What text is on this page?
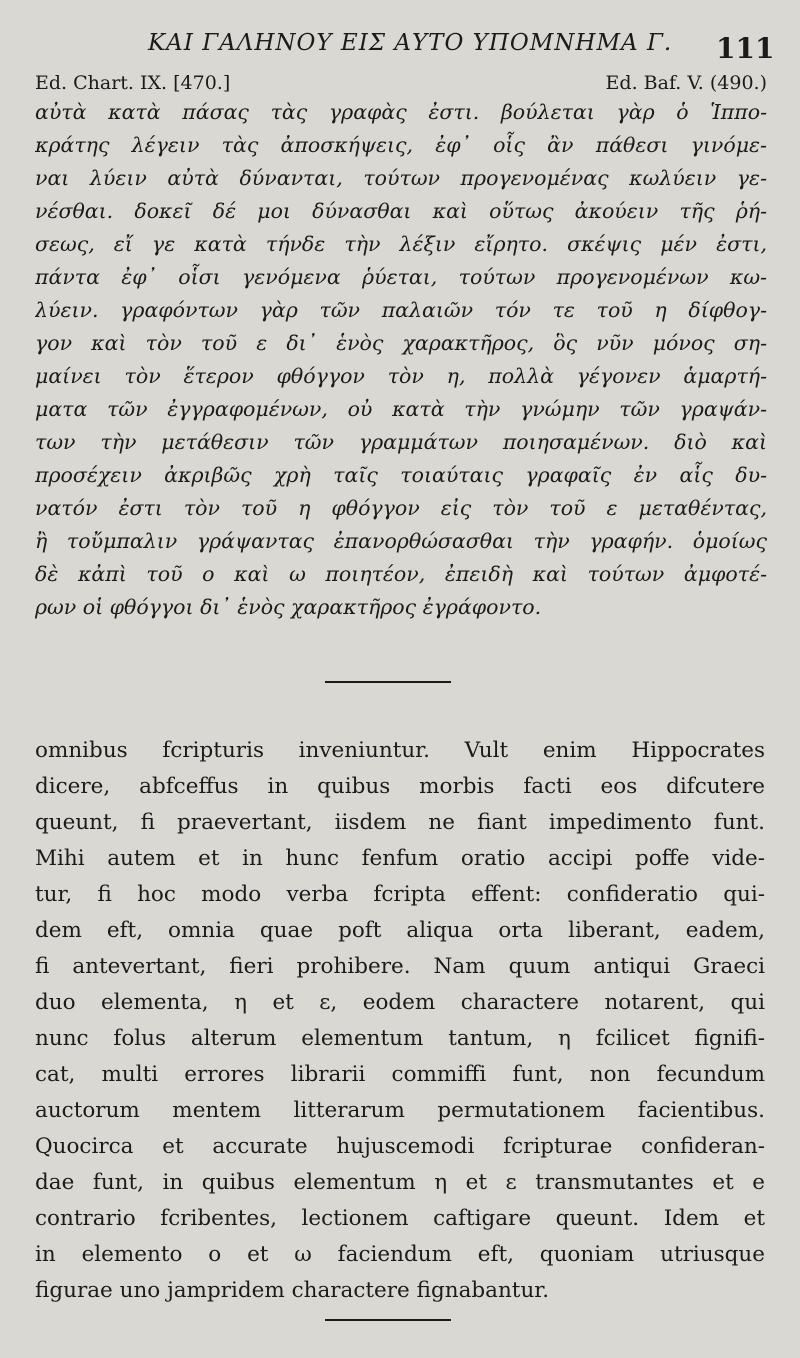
ΚΑΙ ΓΑΛΗΝΟΥ ΕΙΣ ΑΥΤΟ ΥΠΟΜΝΗΜΑ Γ. 111
Ed. Chart. IX. [470.]	Ed. Baf. V. (490.)
αὐτὰ κατὰ πάσας τὰς γραφὰς ἐστι. βούλεται γὰρ ὁ Ἱππο-
κράτης λέγειν τὰς ἀποσκήψεις, ἐφ᾿ οἷς ἂν πάθεσι γινόμε-
ναι λύειν αὐτὰ δύνανται, τούτων προγενομένας κωλύειν γε-
νέσθαι. δοκεῖ δέ μοι δύνασθαι καὶ οὕτως ἀκούειν τῆς ῥή-
σεως, εἴ γε κατὰ τήνδε τὴν λέξιν εἴρητο. σκέψις μέν ἐστι,
πάντα ἐφ᾿ οἷσι γενόμενα ῥύεται, τούτων προγενομένων κω-
λύειν. γραφόντων γὰρ τῶν παλαιῶν τόν τε τοῦ η δίφθογ-
γον καὶ τὸν τοῦ ε δι᾿ ἑνὸς χαρακτῆρος, ὃς νῦν μόνος ση-
μαίνει τὸν ἕτερον φθόγγον τὸν η, πολλὰ γέγονεν ἁμαρτή-
ματα τῶν ἐγγραφομένων, οὐ κατὰ τὴν γνώμην τῶν γραψάν-
των τὴν μετάθεσιν τῶν γραμμάτων ποιησαμένων. διὸ καὶ
προσέχειν ἀκριβῶς χρὴ ταῖς τοιαύταις γραφαῖς ἐν αἷς δυ-
νατόν ἐστι τὸν τοῦ η φθόγγον εἰς τὸν τοῦ ε μεταθέντας,
ἢ τοὔμπαλιν γράψαντας ἐπανορθώσασθαι τὴν γραφήν. ὁμοίως
δὲ κἀπὶ τοῦ ο καὶ ω ποιητέον, ἐπειδὴ καὶ τούτων ἀμφοτέ-
ρων οἱ φθόγγοι δι᾿ ἑνὸς χαρακτῆρος ἐγράφοντο.
omnibus fcripturis inveniuntur. Vult enim Hippocrates
dicere, abfceffus in quibus morbis facti eos difcutere
queunt, fi praevertant, iisdem ne fiant impedimento funt.
Mihi autem et in hunc fenfum oratio accipi poffe vide-
tur, fi hoc modo verba fcripta effent: confideratio qui-
dem eft, omnia quae poft aliqua orta liberant, eadem,
fi antevertant, fieri prohibere. Nam quum antiqui Graeci
duo elementa, η et ε, eodem charactere notarent, qui
nunc folus alterum elementum tantum, η fcilicet fignifi-
cat, multi errores librarii commiffi funt, non fecundum
auctorum mentem litterarum permutationem facientibus.
Quocirca et accurate hujuscemodi fcripturae confideran-
dae funt, in quibus elementum η et ε transmutantes et e
contrario fcribentes, lectionem caftigare queunt. Idem et
in elemento ο et ω faciendum eft, quoniam utriusque
figurae uno jampridem charactere fignabantur.
